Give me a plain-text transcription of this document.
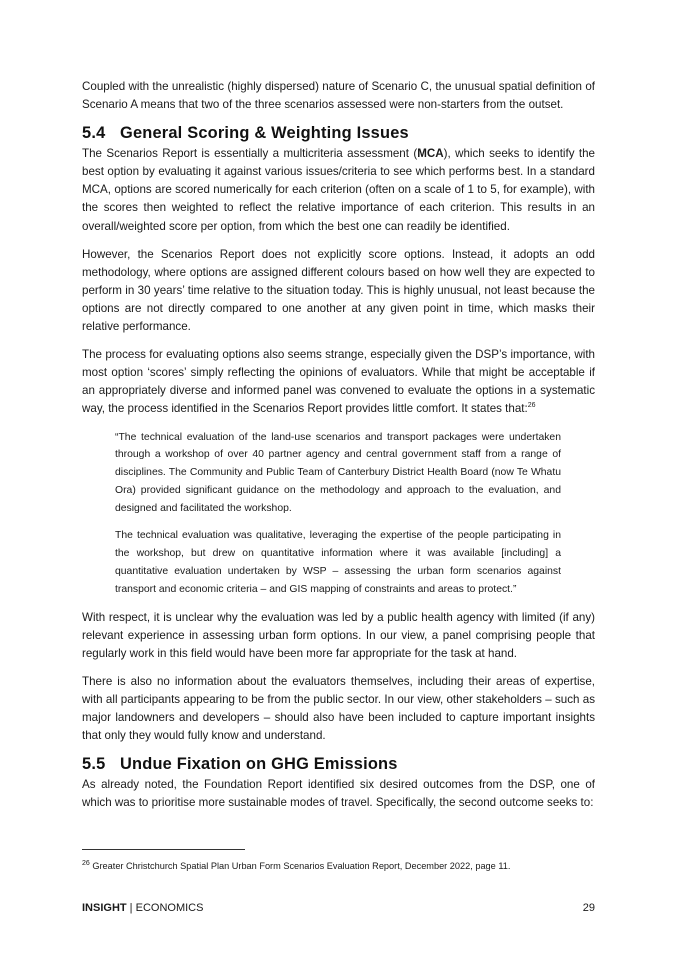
Coupled with the unrealistic (highly dispersed) nature of Scenario C, the unusual spatial definition of Scenario A means that two of the three scenarios assessed were non-starters from the outset.

5.4 General Scoring & Weighting Issues

The Scenarios Report is essentially a multicriteria assessment (MCA), which seeks to identify the best option by evaluating it against various issues/criteria to see which performs best. In a standard MCA, options are scored numerically for each criterion (often on a scale of 1 to 5, for example), with the scores then weighted to reflect the relative importance of each criterion. This results in an overall/weighted score per option, from which the best one can readily be identified.

However, the Scenarios Report does not explicitly score options. Instead, it adopts an odd methodology, where options are assigned different colours based on how well they are expected to perform in 30 years’ time relative to the situation today. This is highly unusual, not least because the options are not directly compared to one another at any given point in time, which masks their relative performance.

The process for evaluating options also seems strange, especially given the DSP’s importance, with most option ‘scores’ simply reflecting the opinions of evaluators. While that might be acceptable if an appropriately diverse and informed panel was convened to evaluate the options in a systematic way, the process identified in the Scenarios Report provides little comfort. It states that:$^{26}$

“The technical evaluation of the land-use scenarios and transport packages were undertaken through a workshop of over 40 partner agency and central government staff from a range of disciplines. The Community and Public Team of Canterbury District Health Board (now Te Whatu Ora) provided significant guidance on the methodology and approach to the evaluation, and designed and facilitated the workshop.

The technical evaluation was qualitative, leveraging the expertise of the people participating in the workshop, but drew on quantitative information where it was available [including] a quantitative evaluation undertaken by WSP – assessing the urban form scenarios against transport and economic criteria – and GIS mapping of constraints and areas to protect.”

With respect, it is unclear why the evaluation was led by a public health agency with limited (if any) relevant experience in assessing urban form options. In our view, a panel comprising people that regularly work in this field would have been more far appropriate for the task at hand.

There is also no information about the evaluators themselves, including their areas of expertise, with all participants appearing to be from the public sector. In our view, other stakeholders – such as major landowners and developers – should also have been included to capture important insights that only they would fully know and understand.

5.5 Undue Fixation on GHG Emissions

As already noted, the Foundation Report identified six desired outcomes from the DSP, one of which was to prioritise more sustainable modes of travel. Specifically, the second outcome seeks to:

$^{26}$ Greater Christchurch Spatial Plan Urban Form Scenarios Evaluation Report, December 2022, page 11.
INSIGHT | ECONOMICS	29
